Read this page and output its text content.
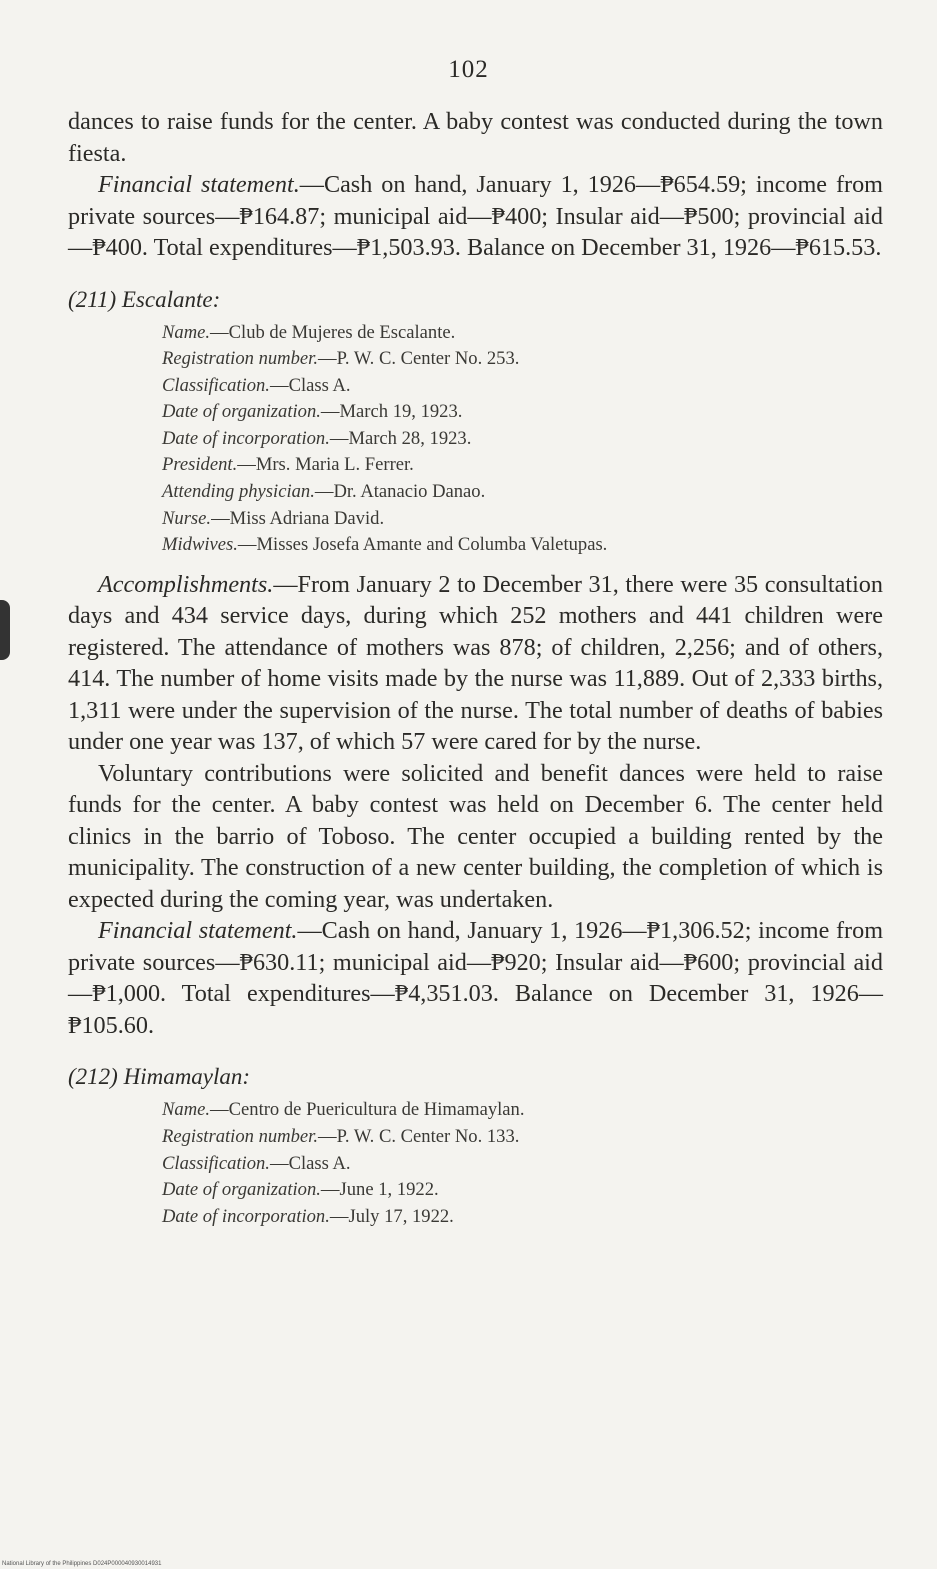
102

dances to raise funds for the center. A baby contest was conducted during the town fiesta.

Financial statement.—Cash on hand, January 1, 1926—₱654.59; income from private sources—₱164.87; municipal aid—₱400; Insular aid—₱500; provincial aid—₱400. Total expenditures—₱1,503.93. Balance on December 31, 1926—₱615.53.

(211) Escalante:
Name.—Club de Mujeres de Escalante.
Registration number.—P. W. C. Center No. 253.
Classification.—Class A.
Date of organization.—March 19, 1923.
Date of incorporation.—March 28, 1923.
President.—Mrs. Maria L. Ferrer.
Attending physician.—Dr. Atanacio Danao.
Nurse.—Miss Adriana David.
Midwives.—Misses Josefa Amante and Columba Valetupas.

Accomplishments.—From January 2 to December 31, there were 35 consultation days and 434 service days, during which 252 mothers and 441 children were registered. The attendance of mothers was 878; of children, 2,256; and of others, 414. The number of home visits made by the nurse was 11,889. Out of 2,333 births, 1,311 were under the supervision of the nurse. The total number of deaths of babies under one year was 137, of which 57 were cared for by the nurse.

Voluntary contributions were solicited and benefit dances were held to raise funds for the center. A baby contest was held on December 6. The center held clinics in the barrio of Toboso. The center occupied a building rented by the municipality. The construction of a new center building, the completion of which is expected during the coming year, was undertaken.

Financial statement.—Cash on hand, January 1, 1926—₱1,306.52; income from private sources—₱630.11; municipal aid—₱920; Insular aid—₱600; provincial aid—₱1,000. Total expenditures—₱4,351.03. Balance on December 31, 1926—₱105.60.

(212) Himamaylan:
Name.—Centro de Puericultura de Himamaylan.
Registration number.—P. W. C. Center No. 133.
Classification.—Class A.
Date of organization.—June 1, 1922.
Date of incorporation.—July 17, 1922.
National Library of the Philippines D024P000040930014931
